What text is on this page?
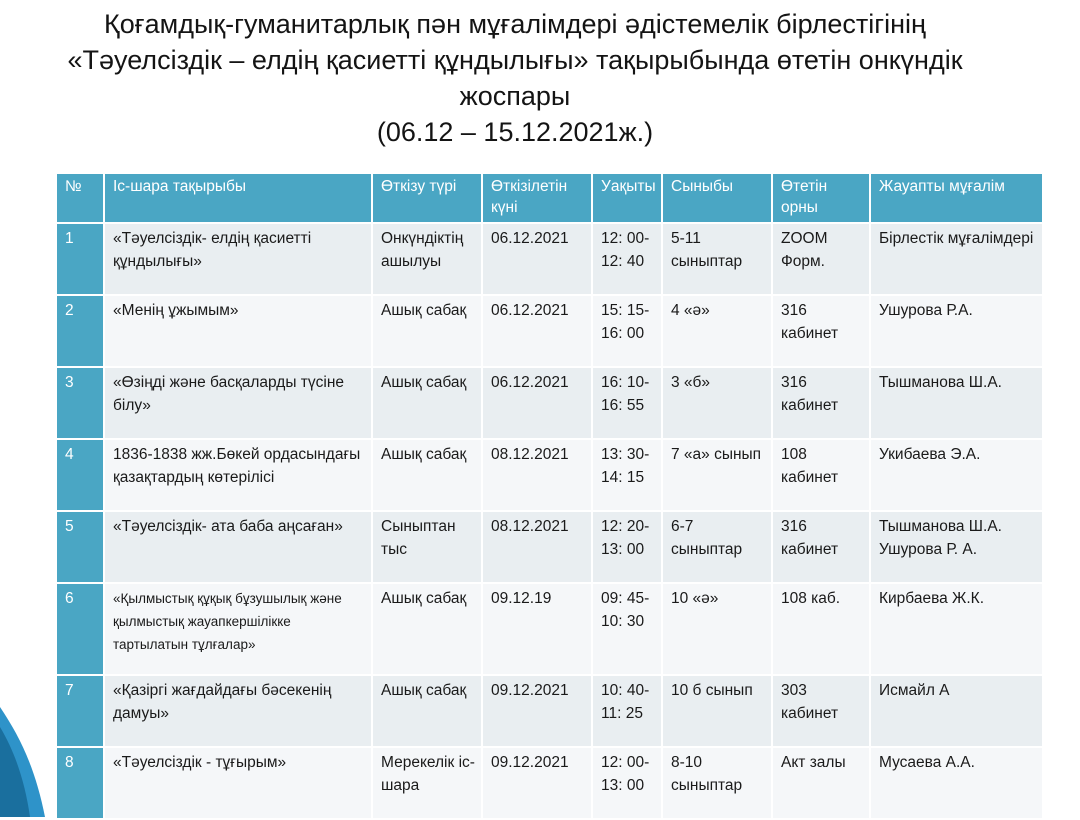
Қоғамдық-гуманитарлық пән мұғалімдері әдістемелік бірлестігінің
«Тәуелсіздік – елдің қасиетті құндылығы» тақырыбында өтетін онкүндік
жоспары
(06.12 – 15.12.2021ж.)
№	Іс-шара тақырыбы	Өткізу түрі	Өткізілетін күні	Уақыты	Сыныбы	Өтетін орны	Жауапты мұғалім
1	«Тәуелсіздік- елдің қасиетті құндылығы»	Онкүндіктің ашылуы	06.12.2021	12: 00-12: 40	5-11 сыныптар	ZOOM Форм.	Бірлестік мұғалімдері
2	«Менің ұжымым»	Ашық сабақ	06.12.2021	15: 15-16: 00	4 «ә»	316 кабинет	Ушурова Р.А.
3	«Өзіңді және басқаларды түсіне білу»	Ашық сабақ	06.12.2021	16: 10-16: 55	3 «б»	316 кабинет	Тышманова Ш.А.
4	1836-1838 жж.Бөкей ордасындағы қазақтардың көтерілісі	Ашық сабақ	08.12.2021	13: 30-14: 15	7 «а» сынып	108 кабинет	Укибаева Э.А.
5	«Тәуелсіздік- ата баба аңсаған»	Сыныптан тыс	08.12.2021	12: 20-13: 00	6-7 сыныптар	316 кабинет	Тышманова Ш.А. Ушурова Р. А.
6	«Қылмыстық құқық бұзушылық және қылмыстық жауапкершілікке тартылатын тұлғалар»	Ашық сабақ	09.12.19	09: 45-10: 30	10 «ә»	108 каб.	Кирбаева Ж.К.
7	«Қазіргі жағдайдағы бәсекенің дамуы»	Ашық сабақ	09.12.2021	10: 40-11: 25	10 б сынып	303 кабинет	Исмайл А
8	«Тәуелсіздік - тұғырым»	Мерекелік іс-шара	09.12.2021	12: 00-13: 00	8-10 сыныптар	Акт залы	Мусаева А.А.
